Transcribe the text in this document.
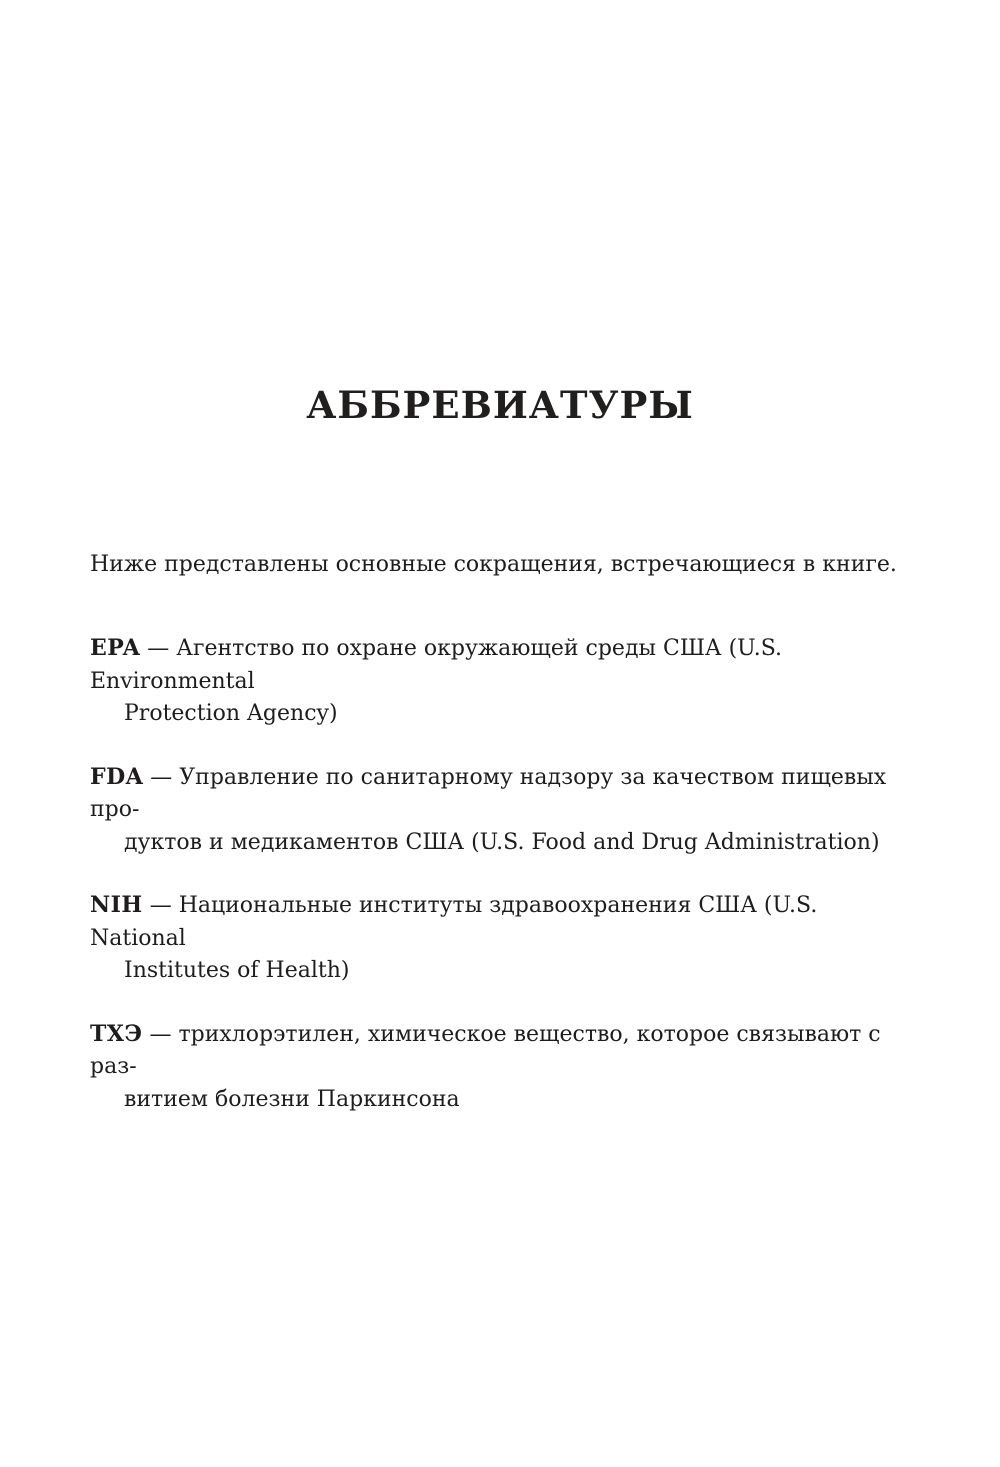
АББРЕВИАТУРЫ

Ниже представлены основные сокращения, встречающиеся в книге.

EPA — Агентство по охране окружающей среды США (U.S. Environmental
Protection Agency)
FDA — Управление по санитарному надзору за качеством пищевых про-
дуктов и медикаментов США (U.S. Food and Drug Administration)
NIH — Национальные институты здравоохранения США (U.S. National
Institutes of Health)
ТХЭ — трихлорэтилен, химическое вещество, которое связывают с раз-
витием болезни Паркинсона
